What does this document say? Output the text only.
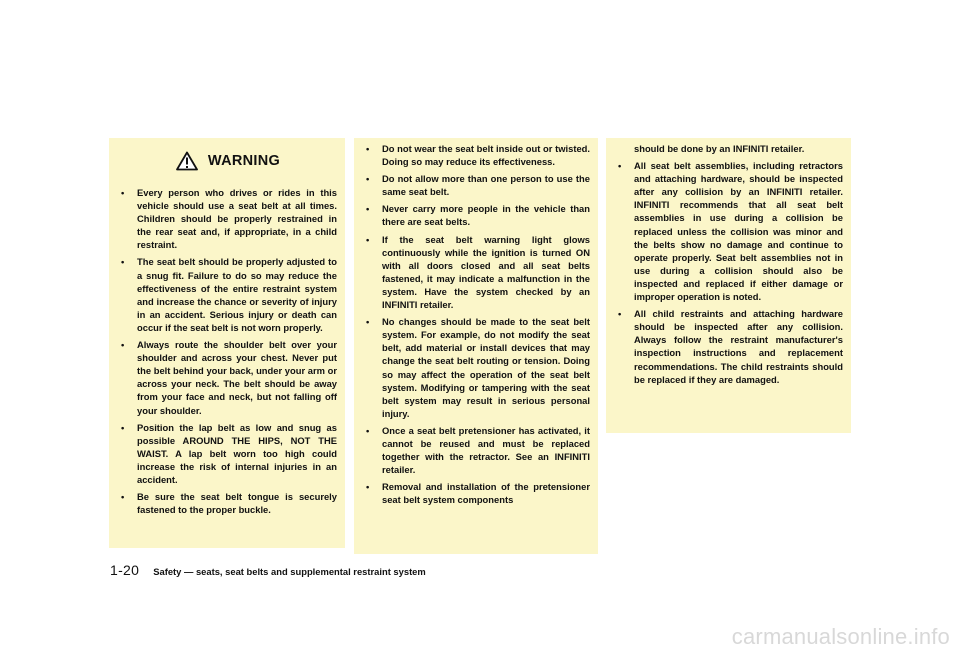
WARNING
• Every person who drives or rides in this vehicle should use a seat belt at all times. Children should be properly restrained in the rear seat and, if appropriate, in a child restraint.
• The seat belt should be properly adjusted to a snug fit. Failure to do so may reduce the effectiveness of the entire restraint system and increase the chance or severity of injury in an accident. Serious injury or death can occur if the seat belt is not worn properly.
• Always route the shoulder belt over your shoulder and across your chest. Never put the belt behind your back, under your arm or across your neck. The belt should be away from your face and neck, but not falling off your shoulder.
• Position the lap belt as low and snug as possible AROUND THE HIPS, NOT THE WAIST. A lap belt worn too high could increase the risk of internal injuries in an accident.
• Be sure the seat belt tongue is securely fastened to the proper buckle.
• Do not wear the seat belt inside out or twisted. Doing so may reduce its effectiveness.
• Do not allow more than one person to use the same seat belt.
• Never carry more people in the vehicle than there are seat belts.
• If the seat belt warning light glows continuously while the ignition is turned ON with all doors closed and all seat belts fastened, it may indicate a malfunction in the system. Have the system checked by an INFINITI retailer.
• No changes should be made to the seat belt system. For example, do not modify the seat belt, add material or install devices that may change the seat belt routing or tension. Doing so may affect the operation of the seat belt system. Modifying or tampering with the seat belt system may result in serious personal injury.
• Once a seat belt pretensioner has activated, it cannot be reused and must be replaced together with the retractor. See an INFINITI retailer.
• Removal and installation of the pretensioner seat belt system components
should be done by an INFINITI retailer.
• All seat belt assemblies, including retractors and attaching hardware, should be inspected after any collision by an INFINITI retailer. INFINITI recommends that all seat belt assemblies in use during a collision be replaced unless the collision was minor and the belts show no damage and continue to operate properly. Seat belt assemblies not in use during a collision should also be inspected and replaced if either damage or improper operation is noted.
• All child restraints and attaching hardware should be inspected after any collision. Always follow the restraint manufacturer's inspection instructions and replacement recommendations. The child restraints should be replaced if they are damaged.
1-20 Safety — seats, seat belts and supplemental restraint system
carmanualsonline.info
